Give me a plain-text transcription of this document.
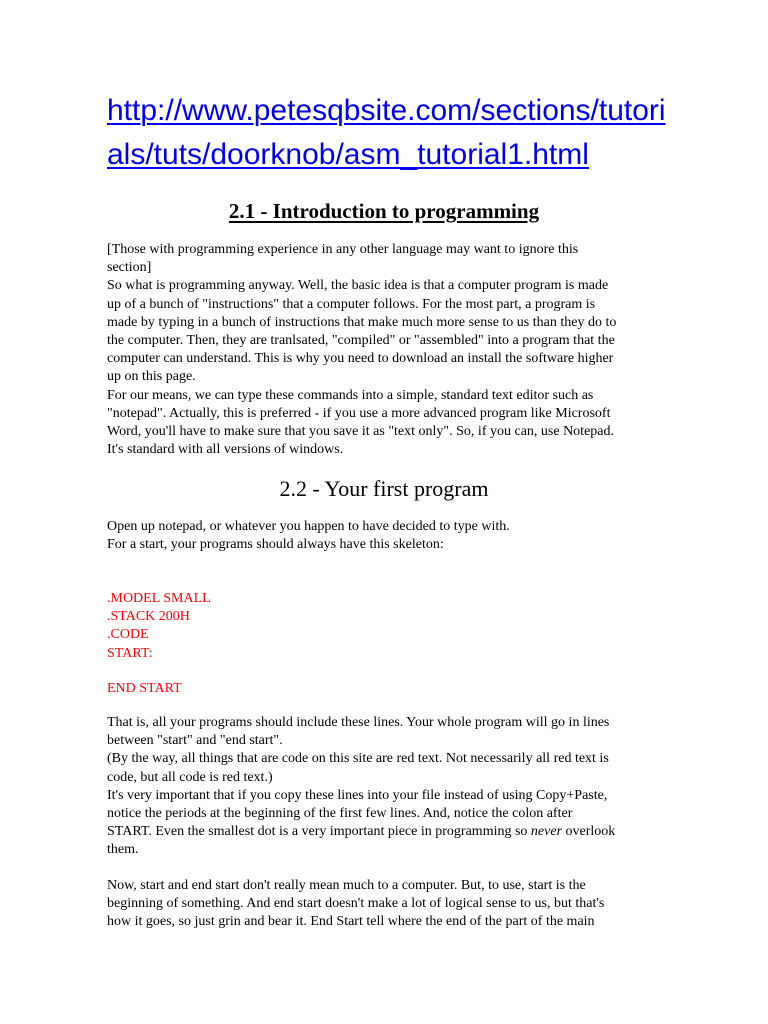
http://www.petesqbsite.com/sections/tutori
als/tuts/doorknob/asm_tutorial1.html
2.1 - Introduction to programming

[Those with programming experience in any other language may want to ignore this

section]

So what is programming anyway. Well, the basic idea is that a computer program is made

up of a bunch of "instructions" that a computer follows. For the most part, a program is

made by typing in a bunch of instructions that make much more sense to us than they do to

the computer. Then, they are tranlsated, "compiled" or "assembled" into a program that the

computer can understand. This is why you need to download an install the software higher

up on this page.

For our means, we can type these commands into a simple, standard text editor such as

"notepad". Actually, this is preferred - if you use a more advanced program like Microsoft

Word, you'll have to make sure that you save it as "text only". So, if you can, use Notepad.

It's standard with all versions of windows.

2.2 - Your first program

Open up notepad, or whatever you happen to have decided to type with.

For a start, your programs should always have this skeleton:

.MODEL SMALL

.STACK 200H

.CODE

START:

END START

That is, all your programs should include these lines. Your whole program will go in lines

between "start" and "end start".

(By the way, all things that are code on this site are red text. Not necessarily all red text is

code, but all code is red text.)

It's very important that if you copy these lines into your file instead of using Copy+Paste,

notice the periods at the beginning of the first few lines. And, notice the colon after

START. Even the smallest dot is a very important piece in programming so never overlook

them.

Now, start and end start don't really mean much to a computer. But, to use, start is the

beginning of something. And end start doesn't make a lot of logical sense to us, but that's

how it goes, so just grin and bear it. End Start tell where the end of the part of the main
